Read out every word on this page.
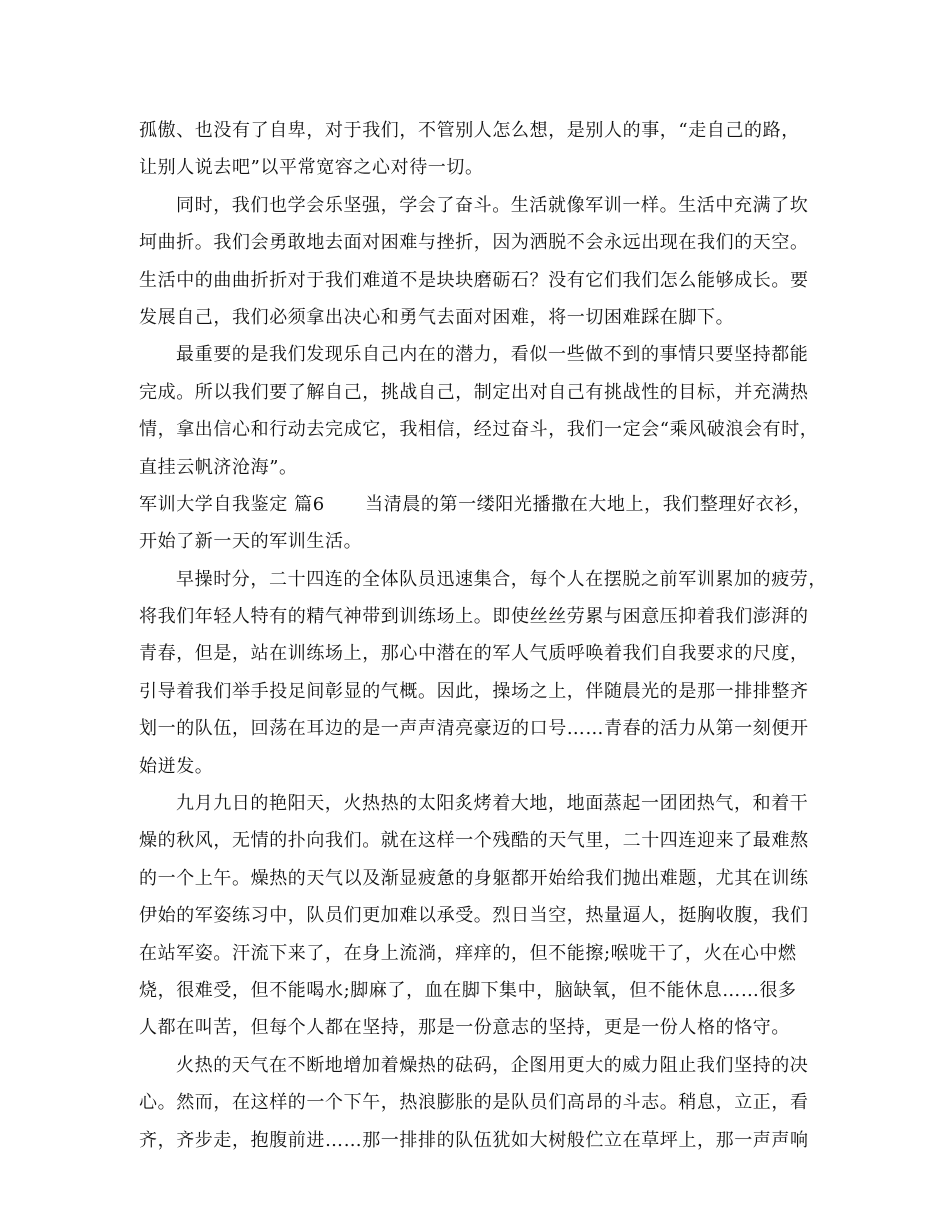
孤傲、也没有了自卑，对于我们，不管别人怎么想，是别人的事，“走自己的路，
让别人说去吧”以平常宽容之心对待一切。
同时，我们也学会乐坚强，学会了奋斗。生活就像军训一样。生活中充满了坎
坷曲折。我们会勇敢地去面对困难与挫折，因为洒脱不会永远出现在我们的天空。
生活中的曲曲折折对于我们难道不是块块磨砺石？没有它们我们怎么能够成长。要
发展自己，我们必须拿出决心和勇气去面对困难，将一切困难踩在脚下。
最重要的是我们发现乐自己内在的潜力，看似一些做不到的事情只要坚持都能
完成。所以我们要了解自己，挑战自己，制定出对自己有挑战性的目标，并充满热
情，拿出信心和行动去完成它，我相信，经过奋斗，我们一定会“乘风破浪会有时，
直挂云帆济沧海”。
军训大学自我鉴定 篇6 当清晨的第一缕阳光播撒在大地上，我们整理好衣衫，
开始了新一天的军训生活。
早操时分，二十四连的全体队员迅速集合，每个人在摆脱之前军训累加的疲劳，
将我们年轻人特有的精气神带到训练场上。即使丝丝劳累与困意压抑着我们澎湃的
青春，但是，站在训练场上，那心中潜在的军人气质呼唤着我们自我要求的尺度，
引导着我们举手投足间彰显的气概。因此，操场之上，伴随晨光的是那一排排整齐
划一的队伍，回荡在耳边的是一声声清亮豪迈的口号……青春的活力从第一刻便开
始迸发。
九月九日的艳阳天，火热热的太阳炙烤着大地，地面蒸起一团团热气，和着干
燥的秋风，无情的扑向我们。就在这样一个残酷的天气里，二十四连迎来了最难熬
的一个上午。燥热的天气以及渐显疲惫的身躯都开始给我们抛出难题，尤其在训练
伊始的军姿练习中，队员们更加难以承受。烈日当空，热量逼人，挺胸收腹，我们
在站军姿。汗流下来了，在身上流淌，痒痒的，但不能擦;喉咙干了，火在心中燃
烧，很难受，但不能喝水;脚麻了，血在脚下集中，脑缺氧，但不能休息……很多
人都在叫苦，但每个人都在坚持，那是一份意志的坚持，更是一份人格的恪守。
火热的天气在不断地增加着燥热的砝码，企图用更大的威力阻止我们坚持的决
心。然而，在这样的一个下午，热浪膨胀的是队员们高昂的斗志。稍息，立正，看
齐，齐步走，抱腹前进……那一排排的队伍犹如大树般伫立在草坪上，那一声声响
